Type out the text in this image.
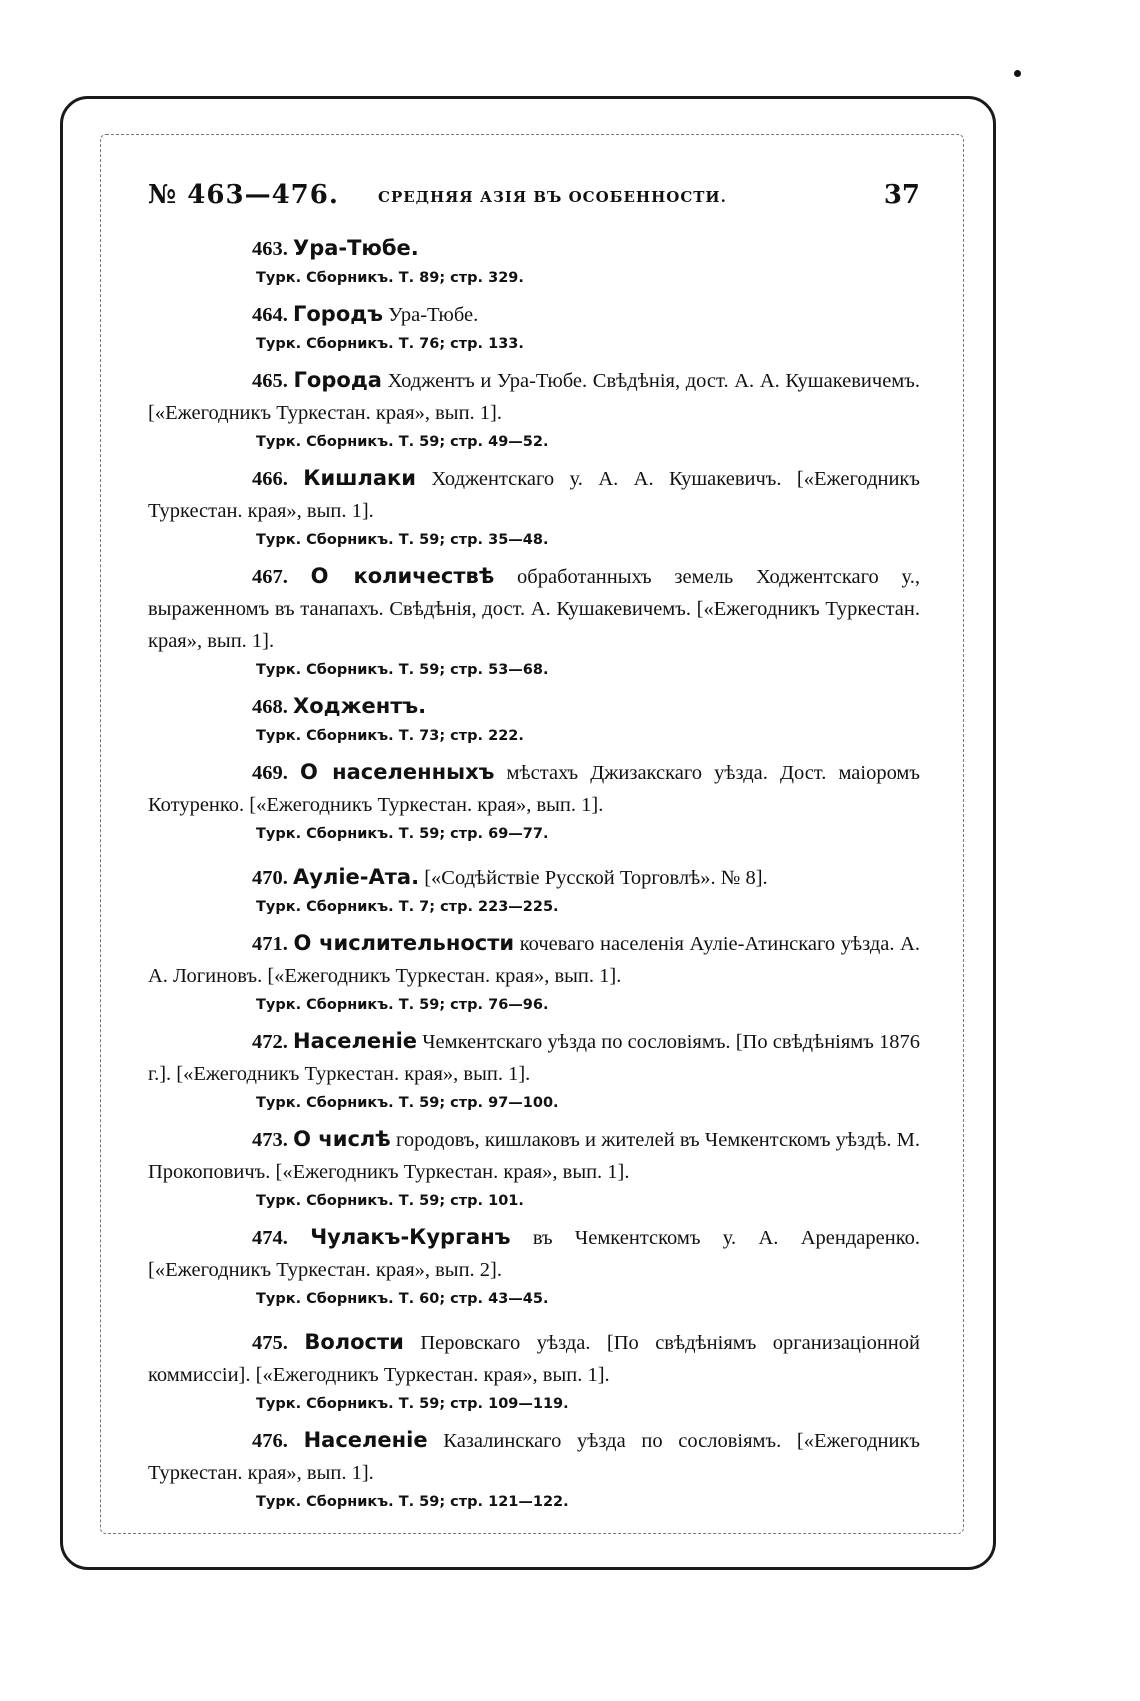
№ 463—476.	СРЕДНЯЯ АЗІЯ ВЪ ОСОБЕННОСТИ.	37

463. Ура-Тюбе.

Турк. Сборникъ. Т. 89; стр. 329.

464. Городъ Ура-Тюбе.

Турк. Сборникъ. Т. 76; стр. 133.

465. Города Ходжентъ и Ура-Тюбе. Свѣдѣнія, дост. А. А. Кушакевичемъ. [«Ежегодникъ Туркестан. края», вып. 1].

Турк. Сборникъ. Т. 59; стр. 49—52.

466. Кишлаки Ходжентскаго у. А. А. Кушакевичъ. [«Ежегодникъ Туркестан. края», вып. 1].

Турк. Сборникъ. Т. 59; стр. 35—48.

467. О количествѣ обработанныхъ земель Ходжентскаго у., выраженномъ въ танапахъ. Свѣдѣнія, дост. А. Кушакевичемъ. [«Ежегодникъ Туркестан. края», вып. 1].

Турк. Сборникъ. Т. 59; стр. 53—68.

468. Ходжентъ.

Турк. Сборникъ. Т. 73; стр. 222.

469. О населенныхъ мѣстахъ Джизакскаго уѣзда. Дост. маіоромъ Котуренко. [«Ежегодникъ Туркестан. края», вып. 1].

Турк. Сборникъ. Т. 59; стр. 69—77.

470. Ауліе-Ата. [«Содѣйствіе Русской Торговлѣ». № 8].

Турк. Сборникъ. Т. 7; стр. 223—225.

471. О числительности кочеваго населенія Ауліе-Атинскаго уѣзда. А. А. Логиновъ. [«Ежегодникъ Туркестан. края», вып. 1].

Турк. Сборникъ. Т. 59; стр. 76—96.

472. Населеніе Чемкентскаго уѣзда по сословіямъ. [По свѣдѣніямъ 1876 г.]. [«Ежегодникъ Туркестан. края», вып. 1].

Турк. Сборникъ. Т. 59; стр. 97—100.

473. О числѣ городовъ, кишлаковъ и жителей въ Чемкентскомъ уѣздѣ. М. Прокоповичъ. [«Ежегодникъ Туркестан. края», вып. 1].

Турк. Сборникъ. Т. 59; стр. 101.

474. Чулакъ-Курганъ въ Чемкентскомъ у. А. Арендаренко. [«Ежегодникъ Туркестан. края», вып. 2].

Турк. Сборникъ. Т. 60; стр. 43—45.

475. Волости Перовскаго уѣзда. [По свѣдѣніямъ организаціонной коммиссіи]. [«Ежегодникъ Туркестан. края», вып. 1].

Турк. Сборникъ. Т. 59; стр. 109—119.

476. Населеніе Казалинскаго уѣзда по сословіямъ. [«Ежегодникъ Туркестан. края», вып. 1].

Турк. Сборникъ. Т. 59; стр. 121—122.
